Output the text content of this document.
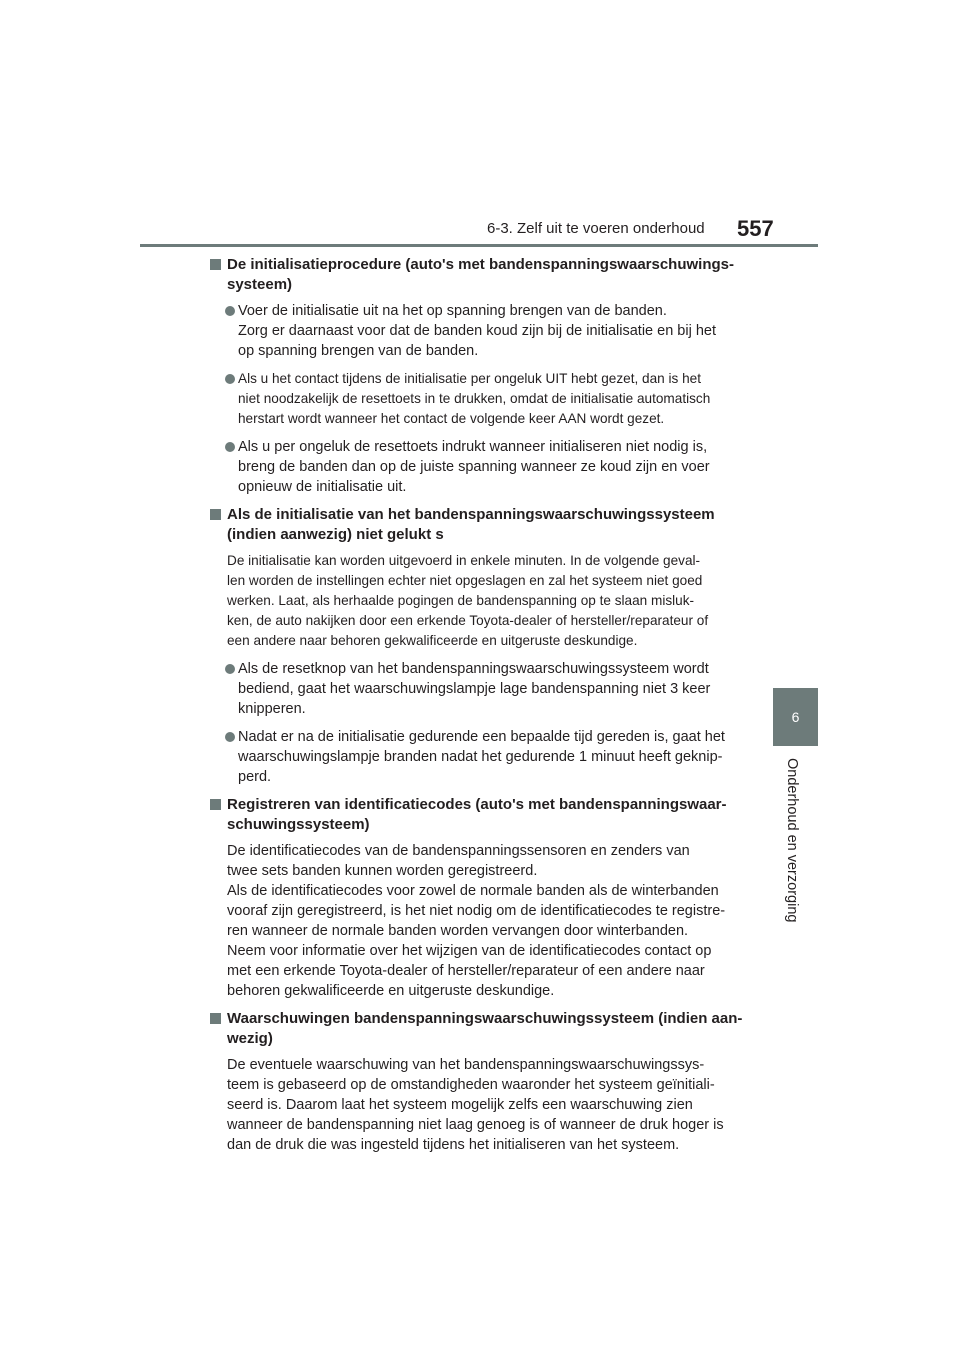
6-3. Zelf uit te voeren onderhoud 557
6
Onderhoud en verzorging
De initialisatieprocedure (auto's met bandenspanningswaarschuwings-
systeem)
Voer de initialisatie uit na het op spanning brengen van de banden.
Zorg er daarnaast voor dat de banden koud zijn bij de initialisatie en bij het
op spanning brengen van de banden.
Als u het contact tijdens de initialisatie per ongeluk UIT hebt gezet, dan is het
niet noodzakelijk de resettoets in te drukken, omdat de initialisatie automatisch
herstart wordt wanneer het contact de volgende keer AAN wordt gezet.
Als u per ongeluk de resettoets indrukt wanneer initialiseren niet nodig is,
breng de banden dan op de juiste spanning wanneer ze koud zijn en voer
opnieuw de initialisatie uit.
Als de initialisatie van het bandenspanningswaarschuwingssysteem
(indien aanwezig) niet gelukt s
De initialisatie kan worden uitgevoerd in enkele minuten. In de volgende geval-
len worden de instellingen echter niet opgeslagen en zal het systeem niet goed
werken. Laat, als herhaalde pogingen de bandenspanning op te slaan misluk-
ken, de auto nakijken door een erkende Toyota-dealer of hersteller/reparateur of
een andere naar behoren gekwalificeerde en uitgeruste deskundige.
Als de resetknop van het bandenspanningswaarschuwingssysteem wordt
bediend, gaat het waarschuwingslampje lage bandenspanning niet 3 keer
knipperen.
Nadat er na de initialisatie gedurende een bepaalde tijd gereden is, gaat het
waarschuwingslampje branden nadat het gedurende 1 minuut heeft geknip-
perd.
Registreren van identificatiecodes (auto's met bandenspanningswaar-
schuwingssysteem)
De identificatiecodes van de bandenspanningssensoren en zenders van
twee sets banden kunnen worden geregistreerd.
Als de identificatiecodes voor zowel de normale banden als de winterbanden
vooraf zijn geregistreerd, is het niet nodig om de identificatiecodes te registre-
ren wanneer de normale banden worden vervangen door winterbanden.
Neem voor informatie over het wijzigen van de identificatiecodes contact op
met een erkende Toyota-dealer of hersteller/reparateur of een andere naar
behoren gekwalificeerde en uitgeruste deskundige.
Waarschuwingen bandenspanningswaarschuwingssysteem (indien aan-
wezig)
De eventuele waarschuwing van het bandenspanningswaarschuwingssys-
teem is gebaseerd op de omstandigheden waaronder het systeem geïnitiali-
seerd is. Daarom laat het systeem mogelijk zelfs een waarschuwing zien
wanneer de bandenspanning niet laag genoeg is of wanneer de druk hoger is
dan de druk die was ingesteld tijdens het initialiseren van het systeem.
